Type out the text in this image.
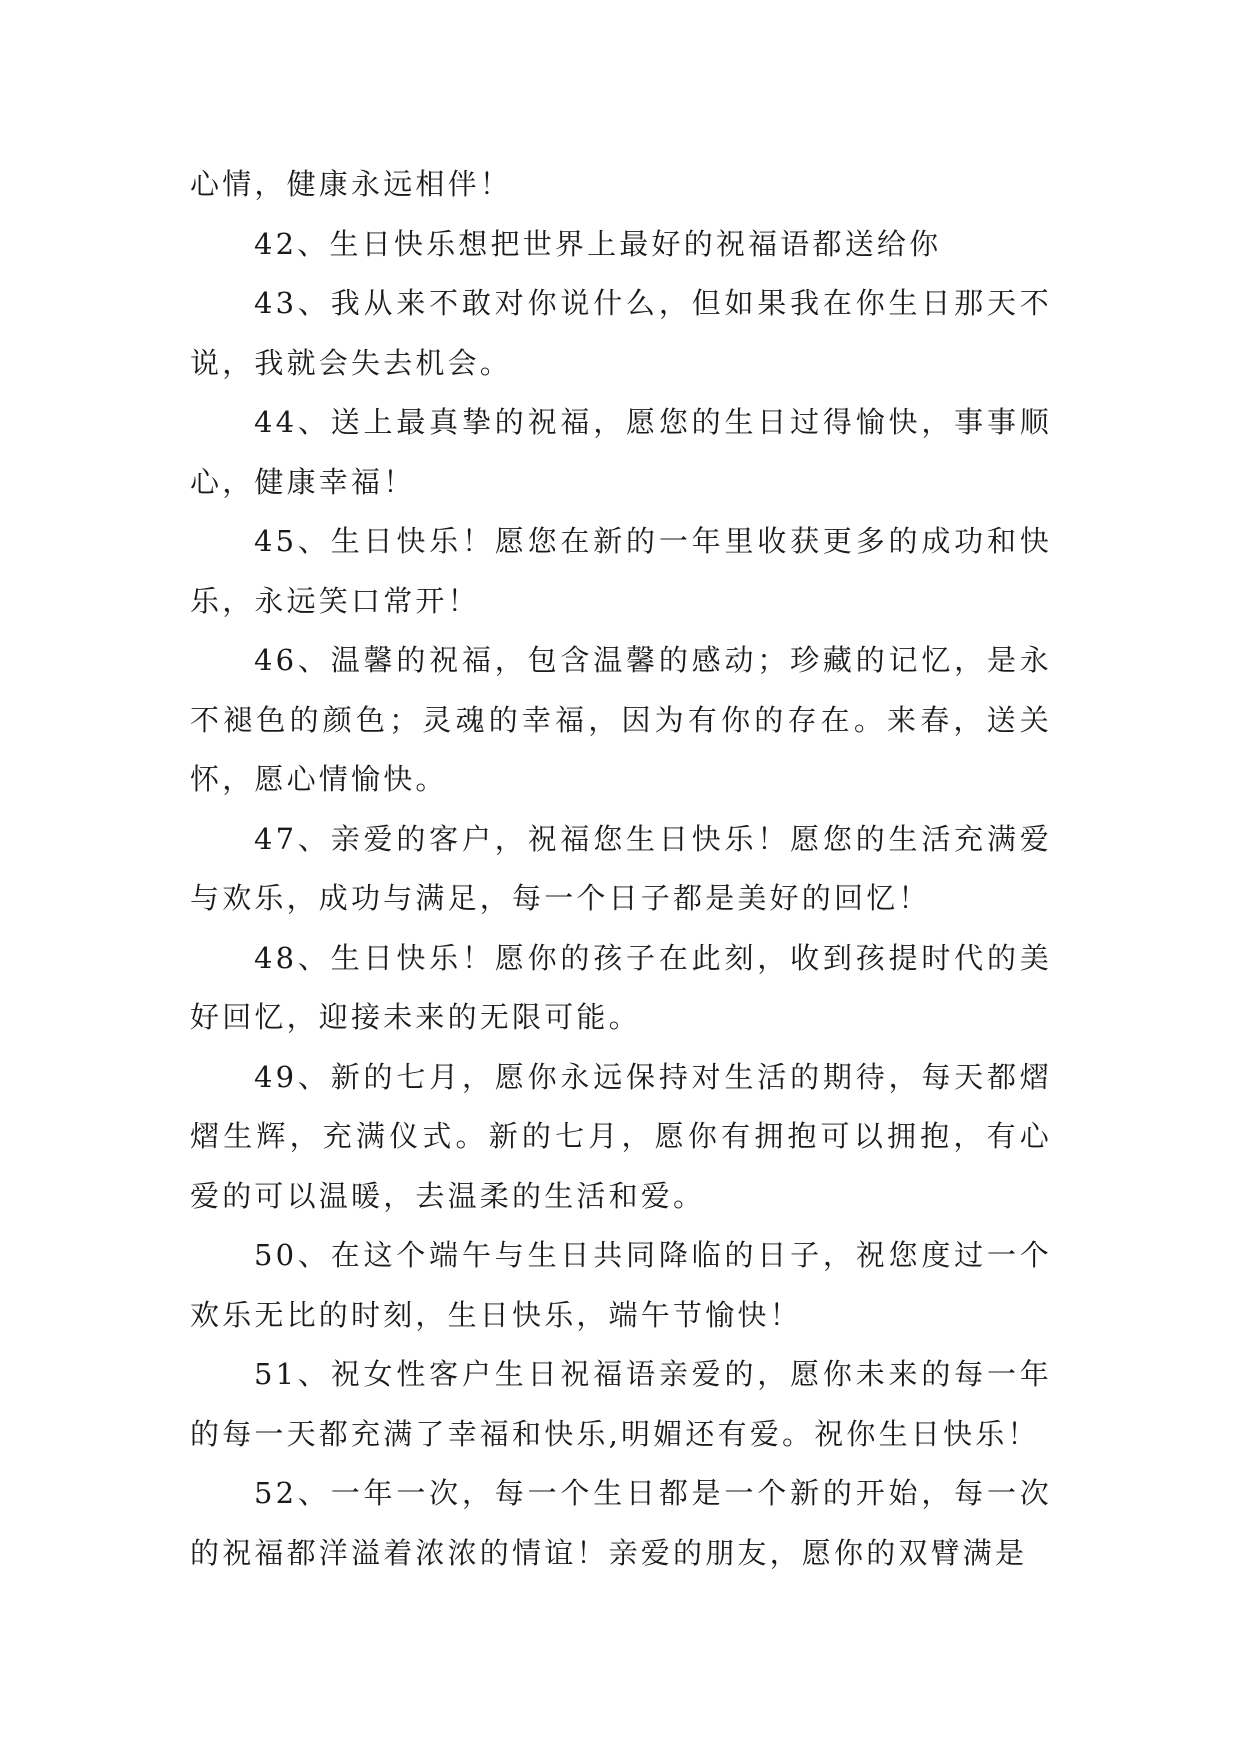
心情，健康永远相伴！

42、生日快乐想把世界上最好的祝福语都送给你

43、我从来不敢对你说什么，但如果我在你生日那天不说，我就会失去机会。

44、送上最真挚的祝福，愿您的生日过得愉快，事事顺心，健康幸福！

45、生日快乐！愿您在新的一年里收获更多的成功和快乐，永远笑口常开！

46、温馨的祝福，包含温馨的感动；珍藏的记忆，是永不褪色的颜色；灵魂的幸福，因为有你的存在。来春，送关怀，愿心情愉快。

47、亲爱的客户，祝福您生日快乐！愿您的生活充满爱与欢乐，成功与满足，每一个日子都是美好的回忆！

48、生日快乐！愿你的孩子在此刻，收到孩提时代的美好回忆，迎接未来的无限可能。

49、新的七月，愿你永远保持对生活的期待，每天都熠熠生辉，充满仪式。新的七月，愿你有拥抱可以拥抱，有心爱的可以温暖，去温柔的生活和爱。

50、在这个端午与生日共同降临的日子，祝您度过一个欢乐无比的时刻，生日快乐，端午节愉快！

51、祝女性客户生日祝福语亲爱的，愿你未来的每一年的每一天都充满了幸福和快乐,明媚还有爱。祝你生日快乐！

52、一年一次，每一个生日都是一个新的开始，每一次的祝福都洋溢着浓浓的情谊！亲爱的朋友，愿你的双臂满是
